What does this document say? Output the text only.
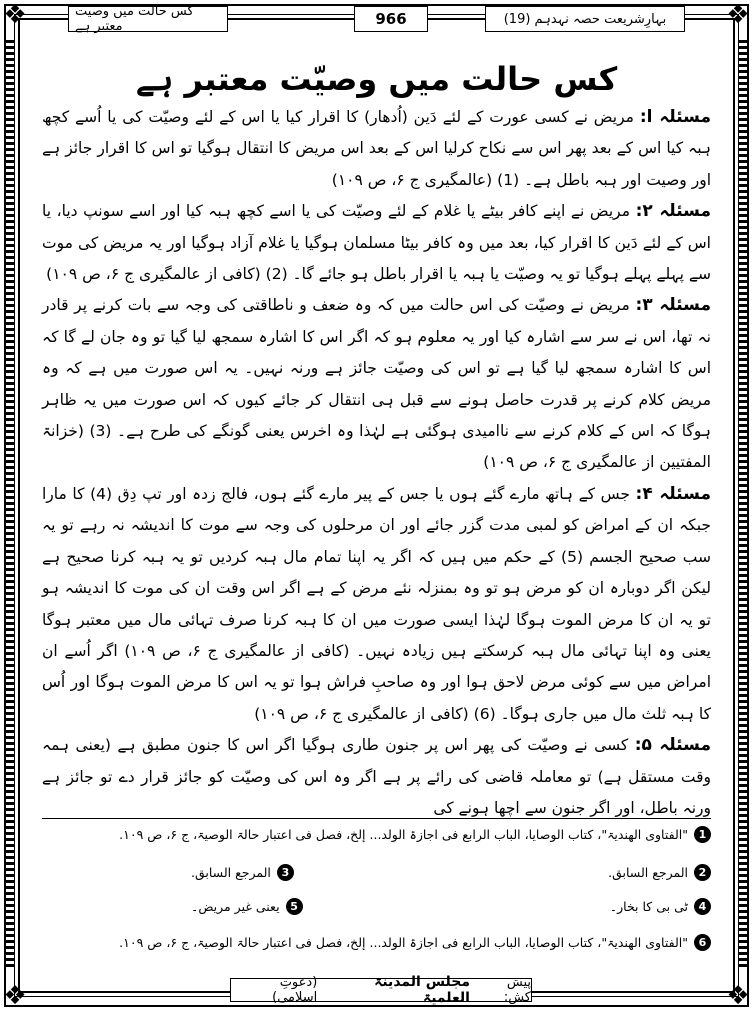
❖	❖
❖	❖
کس حالت میں وصیت معتبر ہے	966	بہارِشریعت حصہ نہدہم (19)
کس حالت میں وصیّت معتبر ہے

مسئلہ ا: مریض نے کسی عورت کے لئے دَین (اُدھار) کا اقرار کیا یا اس کے لئے وصیّت کی یا اُسے کچھ ہبہ کیا اس کے بعد پھر اس سے نکاح کرلیا اس کے بعد اس مریض کا انتقال ہوگیا تو اس کا اقرار جائز ہے اور وصیت اور ہبہ باطل ہے۔ (1) (عالمگیری ج ۶، ص ۱۰۹)

مسئلہ ۲: مریض نے اپنے کافر بیٹے یا غلام کے لئے وصیّت کی یا اسے کچھ ہبہ کیا اور اسے سونپ دیا، یا اس کے لئے دَین کا اقرار کیا، بعد میں وہ کافر بیٹا مسلمان ہوگیا یا غلام آزاد ہوگیا اور یہ مریض کی موت سے پہلے پہلے ہوگیا تو یہ وصیّت یا ہبہ یا اقرار باطل ہو جائے گا۔ (2) (کافی از عالمگیری ج ۶، ص ۱۰۹)

مسئلہ ۳: مریض نے وصیّت کی اس حالت میں کہ وہ ضعف و ناطاقتی کی وجہ سے بات کرنے پر قادر نہ تھا، اس نے سر سے اشارہ کیا اور یہ معلوم ہو کہ اگر اس کا اشارہ سمجھ لیا گیا تو وہ جان لے گا کہ اس کا اشارہ سمجھ لیا گیا ہے تو اس کی وصیّت جائز ہے ورنہ نہیں۔ یہ اس صورت میں ہے کہ وہ مریض کلام کرنے پر قدرت حاصل ہونے سے قبل ہی انتقال کر جائے کیوں کہ اس صورت میں یہ ظاہر ہوگا کہ اس کے کلام کرنے سے ناامیدی ہوگئی ہے لہٰذا وہ اخرس یعنی گونگے کی طرح ہے۔ (3) (خزانۃ المفتیین از عالمگیری ج ۶، ص ۱۰۹)

مسئلہ ۴: جس کے ہاتھ مارے گئے ہوں یا جس کے پیر مارے گئے ہوں، فالج زدہ اور تپ دِق (4) کا مارا جبکہ ان کے امراض کو لمبی مدت گزر جائے اور ان مرحلوں کی وجہ سے موت کا اندیشہ نہ رہے تو یہ سب صحیح الجسم (5) کے حکم میں ہیں کہ اگر یہ اپنا تمام مال ہبہ کردیں تو یہ ہبہ کرنا صحیح ہے لیکن اگر دوبارہ ان کو مرض ہو تو وہ بمنزلہ نئے مرض کے ہے اگر اس وقت ان کی موت کا اندیشہ ہو تو یہ ان کا مرض الموت ہوگا لہٰذا ایسی صورت میں ان کا ہبہ کرنا صرف تہائی مال میں معتبر ہوگا یعنی وہ اپنا تہائی مال ہبہ کرسکتے ہیں زیادہ نہیں۔ (کافی از عالمگیری ج ۶، ص ۱۰۹) اگر اُسے ان امراض میں سے کوئی مرض لاحق ہوا اور وہ صاحبِ فراش ہوا تو یہ اس کا مرض الموت ہوگا اور اُس کا ہبہ ثلث مال میں جاری ہوگا۔ (6) (کافی از عالمگیری ج ۶، ص ۱۰۹)

مسئلہ ۵: کسی نے وصیّت کی پھر اس پر جنون طاری ہوگیا اگر اس کا جنون مطبق ہے (یعنی ہمہ وقت مستقل ہے) تو معاملہ قاضی کی رائے پر ہے اگر وہ اس کی وصیّت کو جائز قرار دے تو جائز ہے ورنہ باطل، اور اگر جنون سے اچھا ہونے کی

1
"الفتاوی الھندیۃ"، کتاب الوصایا، الباب الرابع فی اجازۃ الولد... إلخ، فصل فی اعتبار حالۃ الوصیۃ، ج ۶، ص ۱۰۹.
2
المرجع السابق.
3
المرجع السابق.
4
ٹی بی کا بخار۔
5
یعنی غیر مریض۔
6
"الفتاوی الھندیۃ"، کتاب الوصایا، الباب الرابع فی اجازۃ الولد... إلخ، فصل فی اعتبار حالۃ الوصیۃ، ج ۶، ص ۱۰۹.
پیش کش:
مجلس المدینۃ العلمیۃ
(دعوتِ اسلامی)
